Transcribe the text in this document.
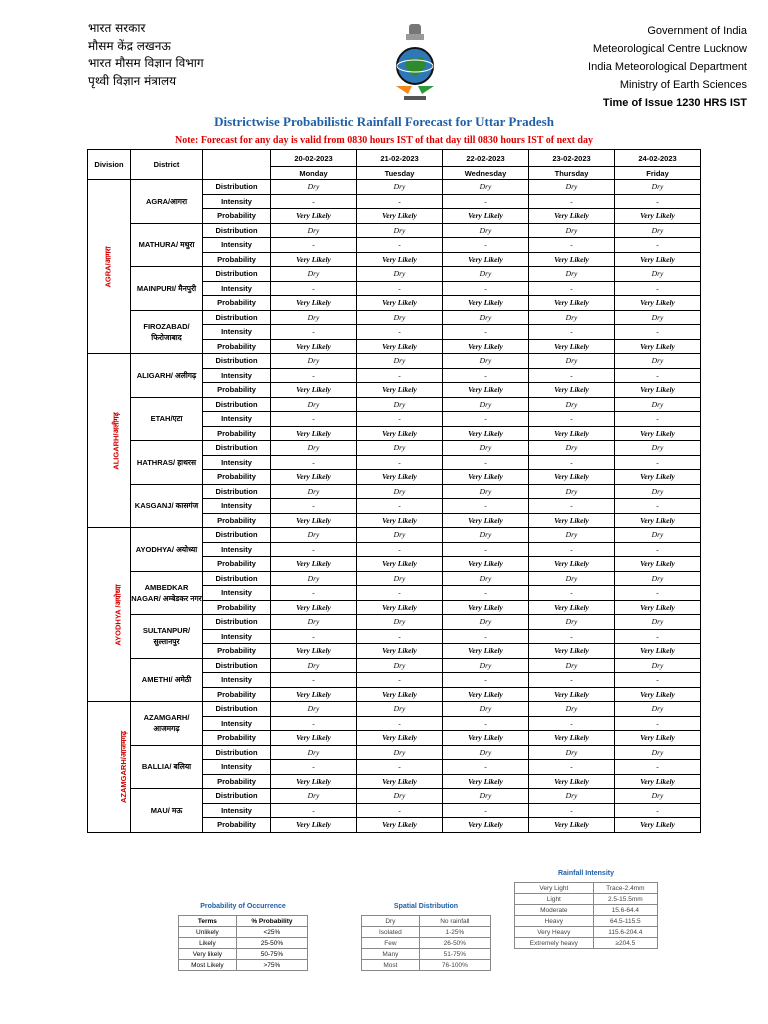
भारत सरकार
मौसम केंद्र लखनऊ
भारत मौसम विज्ञान विभाग
पृथ्वी विज्ञान मंत्रालय
Government of India
Meteorological Centre Lucknow
India Meteorological Department
Ministry of Earth Sciences
Time of Issue 1230 HRS IST
Districtwise Probabilistic Rainfall Forecast for Uttar Pradesh
Note: Forecast for any day is valid from 0830 hours IST of that day till 0830 hours IST of next day
Division	District		20-02-2023	21-02-2023	22-02-2023	23-02-2023	24-02-2023
			Monday	Tuesday	Wednesday	Thursday	Friday
AGRA/आगरा	AGRA/आगरा	Distribution	Dry	Dry	Dry	Dry	Dry
		Intensity	-	-	-	-	-
		Probability	Very Likely	Very Likely	Very Likely	Very Likely	Very Likely
	MATHURA/ मथुरा	Distribution	Dry	Dry	Dry	Dry	Dry
		Intensity	-	-	-	-	-
		Probability	Very Likely	Very Likely	Very Likely	Very Likely	Very Likely
	MAINPURI/ मैनपुरी	Distribution	Dry	Dry	Dry	Dry	Dry
		Intensity	-	-	-	-	-
		Probability	Very Likely	Very Likely	Very Likely	Very Likely	Very Likely
	FIROZABAD/ फिरोजाबाद	Distribution	Dry	Dry	Dry	Dry	Dry
		Intensity	-	-	-	-	-
		Probability	Very Likely	Very Likely	Very Likely	Very Likely	Very Likely
ALIGARH/अलीगढ़	ALIGARH/ अलीगढ़	Distribution	Dry	Dry	Dry	Dry	Dry
		Intensity	-	-	-	-	-
		Probability	Very Likely	Very Likely	Very Likely	Very Likely	Very Likely
	ETAH/एटा	Distribution	Dry	Dry	Dry	Dry	Dry
		Intensity	-	-	-	-	-
		Probability	Very Likely	Very Likely	Very Likely	Very Likely	Very Likely
	HATHRAS/ हाथरस	Distribution	Dry	Dry	Dry	Dry	Dry
		Intensity	-	-	-	-	-
		Probability	Very Likely	Very Likely	Very Likely	Very Likely	Very Likely
	KASGANJ/ कासगंज	Distribution	Dry	Dry	Dry	Dry	Dry
		Intensity	-	-	-	-	-
		Probability	Very Likely	Very Likely	Very Likely	Very Likely	Very Likely
AYODHYA /अयोध्या	AYODHYA/ अयोध्या	Distribution	Dry	Dry	Dry	Dry	Dry
		Intensity	-	-	-	-	-
		Probability	Very Likely	Very Likely	Very Likely	Very Likely	Very Likely
	AMBEDKAR NAGAR/ अम्बेडकर नगर	Distribution	Dry	Dry	Dry	Dry	Dry
		Intensity	-	-	-	-	-
		Probability	Very Likely	Very Likely	Very Likely	Very Likely	Very Likely
	SULTANPUR/ सुल्तानपुर	Distribution	Dry	Dry	Dry	Dry	Dry
		Intensity	-	-	-	-	-
		Probability	Very Likely	Very Likely	Very Likely	Very Likely	Very Likely
	AMETHI/ अमेठी	Distribution	Dry	Dry	Dry	Dry	Dry
		Intensity	-	-	-	-	-
		Probability	Very Likely	Very Likely	Very Likely	Very Likely	Very Likely
AZAMGARH/आजमगढ़	AZAMGARH/ आजमगढ़	Distribution	Dry	Dry	Dry	Dry	Dry
		Intensity	-	-	-	-	-
		Probability	Very Likely	Very Likely	Very Likely	Very Likely	Very Likely
	BALLIA/ बलिया	Distribution	Dry	Dry	Dry	Dry	Dry
		Intensity	-	-	-	-	-
		Probability	Very Likely	Very Likely	Very Likely	Very Likely	Very Likely
	MAU/ मऊ	Distribution	Dry	Dry	Dry	Dry	Dry
		Intensity	-	-	-	-	-
		Probability	Very Likely	Very Likely	Very Likely	Very Likely	Very Likely
Probability of Occurrence
Terms	% Probability
Unlikely	<25%
Likely	25-50%
Very likely	50-75%
Most Likely	>75%
Spatial Distribution
Dry	No rainfall
Isolated	1-25%
Few	26-50%
Many	51-75%
Most	76-100%
Rainfall Intensity
Very Light	Trace-2.4mm
Light	2.5-15.5mm
Moderate	15.6-64.4
Heavy	64.5-115.5
Very Heavy	115.6-204.4
Extremely heavy	≥204.5
